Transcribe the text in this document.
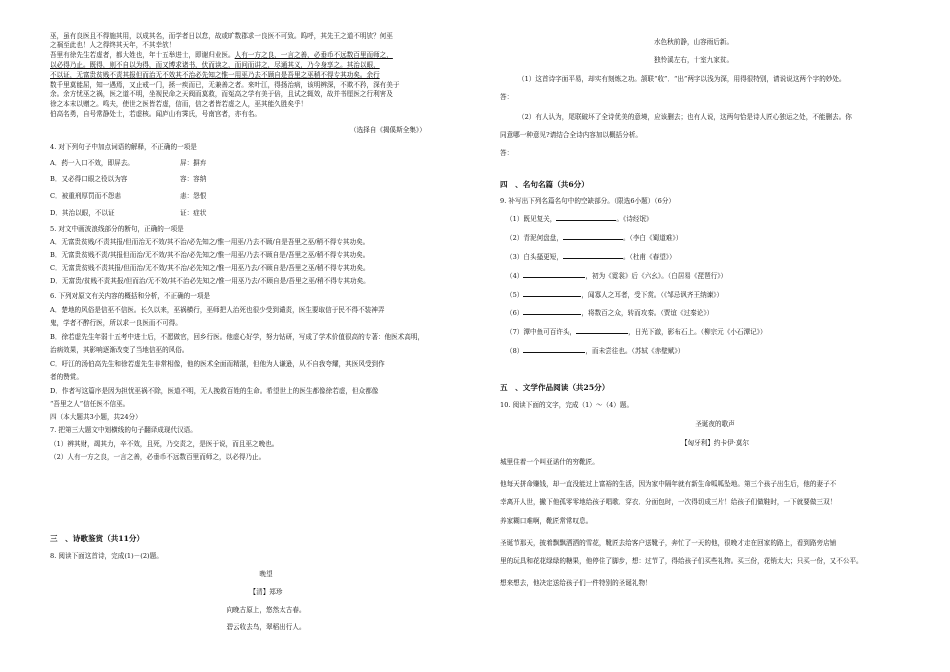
巫，虽有良医且不得施其用，以成其名，而学者日以怠，故或旷数郡求一良医不可致。呜呼，其先王之道不明欤？何巫
之祸至此也！人之得终其天年，不其幸欤！
吾里有徐先生若虚者，都大姓也，年十五举进士，即谢归业医。人有一方之良，一言之善，必垂币不远数百里而师之，
以必得乃止。既得，则不自以为得，而又博求诸书，伏而读之，而问而讲之，尽通其义，乃今身享之。其治以眼，
不以证，无富贵贫贱不责其报但而治无不效其不治必先知之惟一用巫乃去不顾自是吾里之巫稍不得专其功矣。余行
数千里莫能屈，知一遇焉，又止戒一门，拯一疾而已，无兼善之者。来叶江，得扬治病，该明辨深，不欺不矜，深有美于
余。余方忧巫之祸，医之道不明，坐视民命之天阀而莫救，而冤高之学有美于倍，且试之辄效，故并书厘医之行利害及
徐之本末以赠之。鸣夫，使世之医皆若虚，信而，信之者皆若虚之人，巫其能久胜矣乎！
伯高名勇，自号常静处士，若虚核。闻庐山有霁氏，号南宫者，亦有名。
（选择自《揭傒斯全集》）
4. 对下列句子中加点词语的解释，不正确的一项是
A．药一入口不效，即屏去。	屏：摒弃
B．又必得口眼之役以为容	容：容纳
C．被重刑厚罚而不怨恚	恚：怨恨
D．其治以眼，不以证	证：症状
5. 对文中画波浪线部分的断句，正确的一项是
A．无富贵贫贱/不责其报/但而治无不效/其不治/必先知之/惟一用巫/乃去不顾/自是吾里之巫/稍不得专其功矣。
B．无富贵贫贱不责/其报但而治/无不效/其不治/必先知之/惟一用巫/乃去不顾自是/吾里之巫/稍不得专其功矣。
C．无富贵贫贱不责其报/但而治/无不效/其不治/必先知之/惟一用巫乃去/不顾自是/吾里之巫/稍不得专其功矣。
D．无富贵/贫贱不责其报/但而治/无不效/其不治必先知之/惟一用巫乃去/不顾自是/吾里之巫/稍不得专其功矣。
6. 下列对原文有关内容的概括和分析，不正确的一项是
A．楚地的风俗是信巫不信医。长久以来，巫祸横行，巫师把人治死也很少受到谴责，医生要取信于民不得不装神弄
鬼，学者不醉行医，所以求一良医而不可得。
B．徐若虚先生年弱十五考中进士后，不愿做官，回乡行医。他虚心好学，努力钻研，写成了学术价值很高的专著：他医术高明，
治病效果，其影响逐渐改变了当地信巫的风俗。
C．吁江的汤伯高先生和徐若虚先生非常相像，他的医术全面而精湛，但他为人谦逊，从不自我夸耀，其医风受到作
者的赞赏。
D．作者写这篇序是因为担忧巫祸不除，医道不明，无人挽救百姓的生命。希望世上的医生都像徐若虚，但众都像
“吾里之人”信任医不信巫。
四（本大题共3小题，共24分）
7. 把第三大题文中划横线的句子翻译成现代汉语。
（1）辨其财，竭其力，辛不效，且死，乃交责之，是医于说，而且巫之晚也。
（2）人有一方之良，一言之善，必垂币不远数百里而师之，以必得乃止。
三　、诗歌鉴赏（共11分）
8. 阅读下面这首诗，完成(1)－(2)题。
晚望
【清】郑珍
向晚古原上，悠然太古春。
碧云收去鸟，翠稻出行人。
水色秋前静，山容雨后新。
独怜溪左右，十室九家贫。
（1）这首诗字面平易，却实有刻炼之功。颔联“收”．“出”两字以浅为深，用得很特别，请说说这两个字的妙处。
答：
（2）有人认为，尾联破坏了全诗优美的意境，应该删去；也有人说，这两句恰是诗人匠心独运之处，不能删去。你
同意哪一种意见?请结合全诗内容加以概括分析。
答：
四　、名句名篇（共6分）
9. 补写出下列名篇名句中的空缺部分。（限选6小题）（6分）
（1）既见复关，	。《诗经氓》
（2）青泥何盘盘，	。（李白《蜀道难》）
（3）白头搔更短，	。（杜甫《春望》）
（4）	，初为《霓裳》后《六幺》。（白居易《琵琶行》）
（5）	，闻寡人之耳者，受下赏。（《邹忌讽齐王纳谏》）
（6）	，将数百之众，转而攻秦。（贾谊《过秦论》）
（7）潭中鱼可百许头，	，日光下澈，影布石上。（柳宗元《小石潭记》）
（8）	，而未尝往也。（苏轼《赤壁赋》）
五　、文学作品阅读（共25分）
10. 阅读下面的文字，完成（1）～（4）题。
圣诞夜的歌声
【匈牙利】约卡伊·莫尔
城里住着一个叫亚诺什的穷靴匠。
他每天拼命赚钱，却一直没能过上富裕的生活，因为家中隔年就有新生命呱呱坠地。第三个孩子出生后，他的妻子不
幸离开人世，撇下他孤零零地给孩子唱歌．穿衣．分面包时，一次得切成三片！给孩子们做鞋时，一下就要做三双！
养家糊口难啊，靴匠常常叹息。
圣诞节那天，披着飘飘洒洒的雪花，靴匠去给客户送靴子，奔忙了一天的他，很晚才走在回家的路上，看到路旁店铺
里的玩具和花花绿绿的糖果，他停住了脚步，想：过节了，得给孩子们买些礼物。买三份，花销太大；只买一份，又不公平。
想来想去，他决定送给孩子们一件特别的圣诞礼物！
